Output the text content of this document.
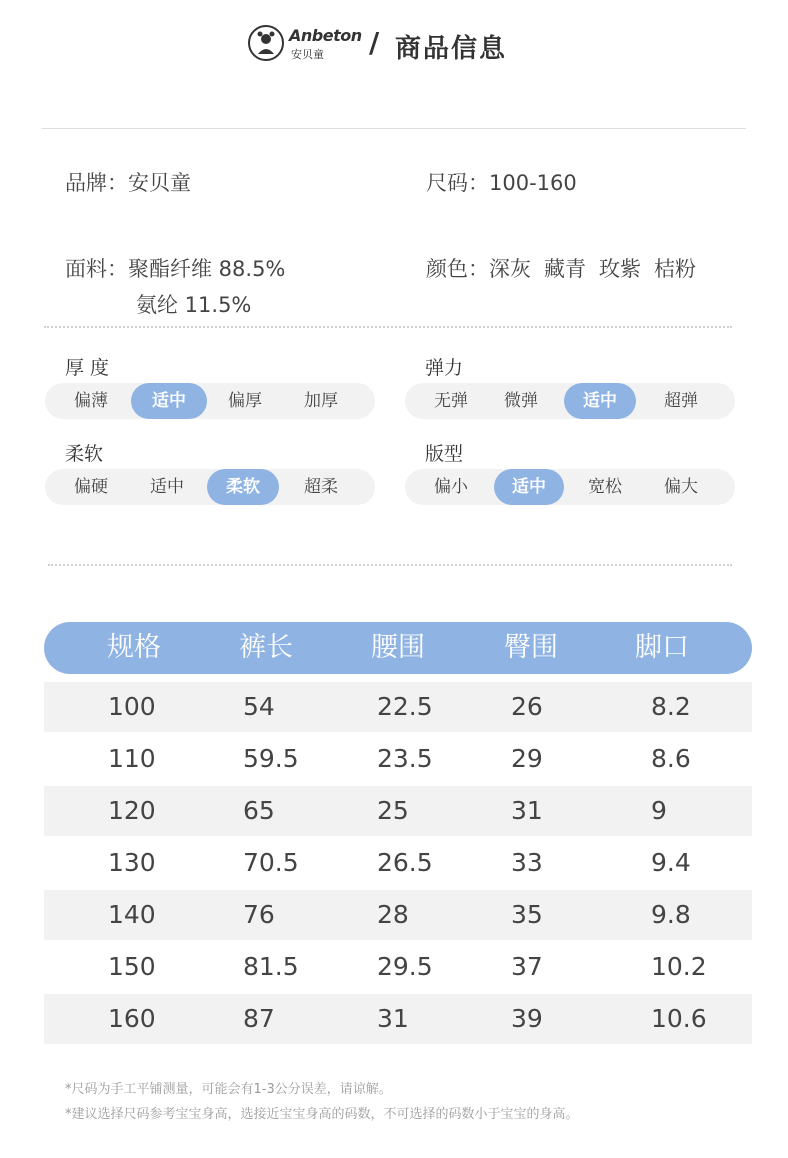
Anbeton
安贝童 / 商品信息
品牌：安贝童	尺码：100-160
面料：聚酯纤维 88.5%
氨纶 11.5%
颜色：深灰 藏青 玫紫 桔粉
厚 度
偏薄	适中	偏厚	加厚
弹力
无弹	微弹	适中	超弹
柔软
偏硬	适中	柔软	超柔
版型
偏小	适中	宽松	偏大
规格	裤长	腰围	臀围	脚口
100	54	22.5	26	8.2
110	59.5	23.5	29	8.6
120	65	25	31	9
130	70.5	26.5	33	9.4
140	76	28	35	9.8
150	81.5	29.5	37	10.2
160	87	31	39	10.6
*尺码为手工平铺测量，可能会有1-3公分误差，请谅解。
*建议选择尺码参考宝宝身高，选接近宝宝身高的码数，不可选择的码数小于宝宝的身高。
